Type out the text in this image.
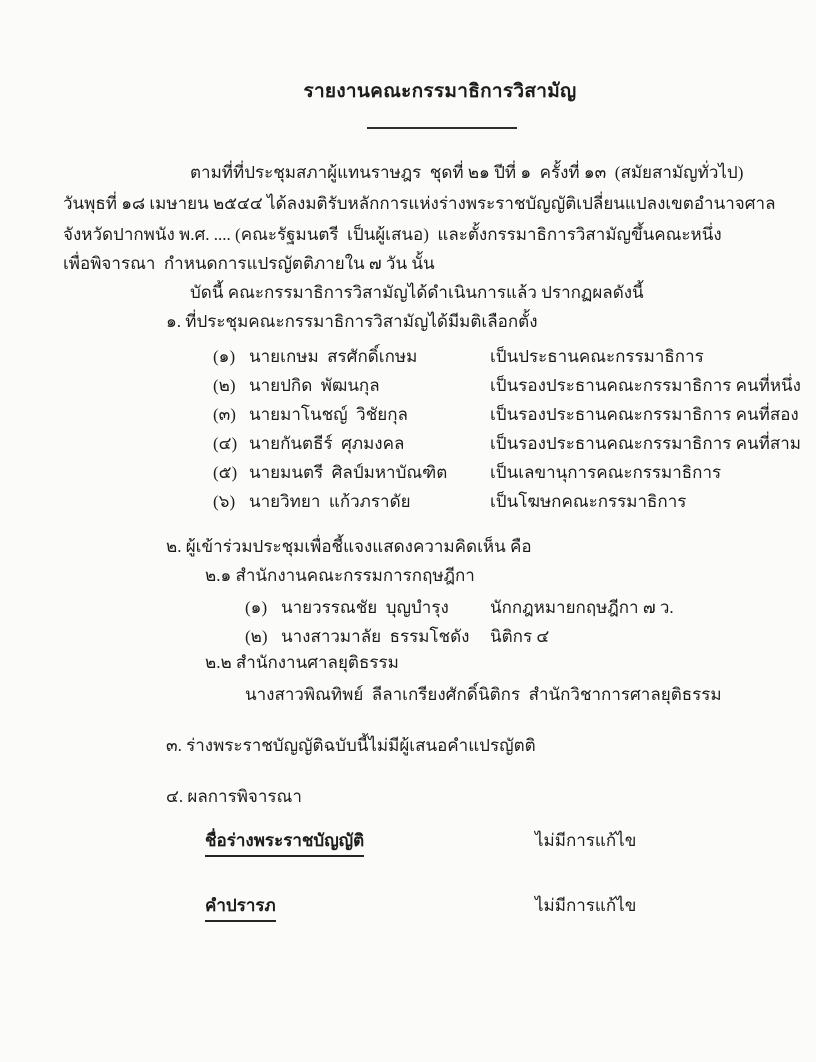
รายงานคณะกรรมาธิการวิสามัญ
ตามที่ที่ประชุมสภาผู้แทนราษฎร  ชุดที่ ๒๑ ปีที่ ๑  ครั้งที่ ๑๓  (สมัยสามัญทั่วไป)
วันพุธที่ ๑๘ เมษายน ๒๕๔๔ ได้ลงมติรับหลักการแห่งร่างพระราชบัญญัติเปลี่ยนแปลงเขตอำนาจศาล
จังหวัดปากพนัง พ.ศ. .... (คณะรัฐมนตรี  เป็นผู้เสนอ)  และตั้งกรรมาธิการวิสามัญขึ้นคณะหนึ่ง
เพื่อพิจารณา  กำหนดการแปรญัตติภายใน ๗ วัน นั้น
บัดนี้ คณะกรรมาธิการวิสามัญได้ดำเนินการแล้ว ปรากฏผลดังนี้
๑. ที่ประชุมคณะกรรมาธิการวิสามัญได้มีมติเลือกตั้ง
(๑) นายเกษม  สรศักดิ์เกษม	เป็นประธานคณะกรรมาธิการ
(๒) นายปกิด  พัฒนกุล	เป็นรองประธานคณะกรรมาธิการ คนที่หนึ่ง
(๓) นายมาโนชญ์  วิชัยกุล	เป็นรองประธานคณะกรรมาธิการ คนที่สอง
(๔) นายกันตธีร์  ศุภมงคล	เป็นรองประธานคณะกรรมาธิการ คนที่สาม
(๕) นายมนตรี  ศิลป์มหาบัณฑิต	เป็นเลขานุการคณะกรรมาธิการ
(๖) นายวิทยา  แก้วภราดัย	เป็นโฆษกคณะกรรมาธิการ
๒. ผู้เข้าร่วมประชุมเพื่อชี้แจงแสดงความคิดเห็น คือ
๒.๑ สำนักงานคณะกรรมการกฤษฎีกา
(๑) นายวรรณชัย  บุญบำรุง นักกฎหมายกฤษฎีกา ๗ ว.
(๒) นางสาวมาลัย  ธรรมโชดัง นิติกร ๔
๒.๒ สำนักงานศาลยุติธรรม
นางสาวพิณทิพย์  ลีลาเกรียงศักดิ์ นิติกร  สำนักวิชาการศาลยุติธรรม
๓. ร่างพระราชบัญญัติฉบับนี้ไม่มีผู้เสนอคำแปรญัตติ
๔. ผลการพิจารณา
ชื่อร่างพระราชบัญญัติ	ไม่มีการแก้ไข
คำปรารภ	ไม่มีการแก้ไข
